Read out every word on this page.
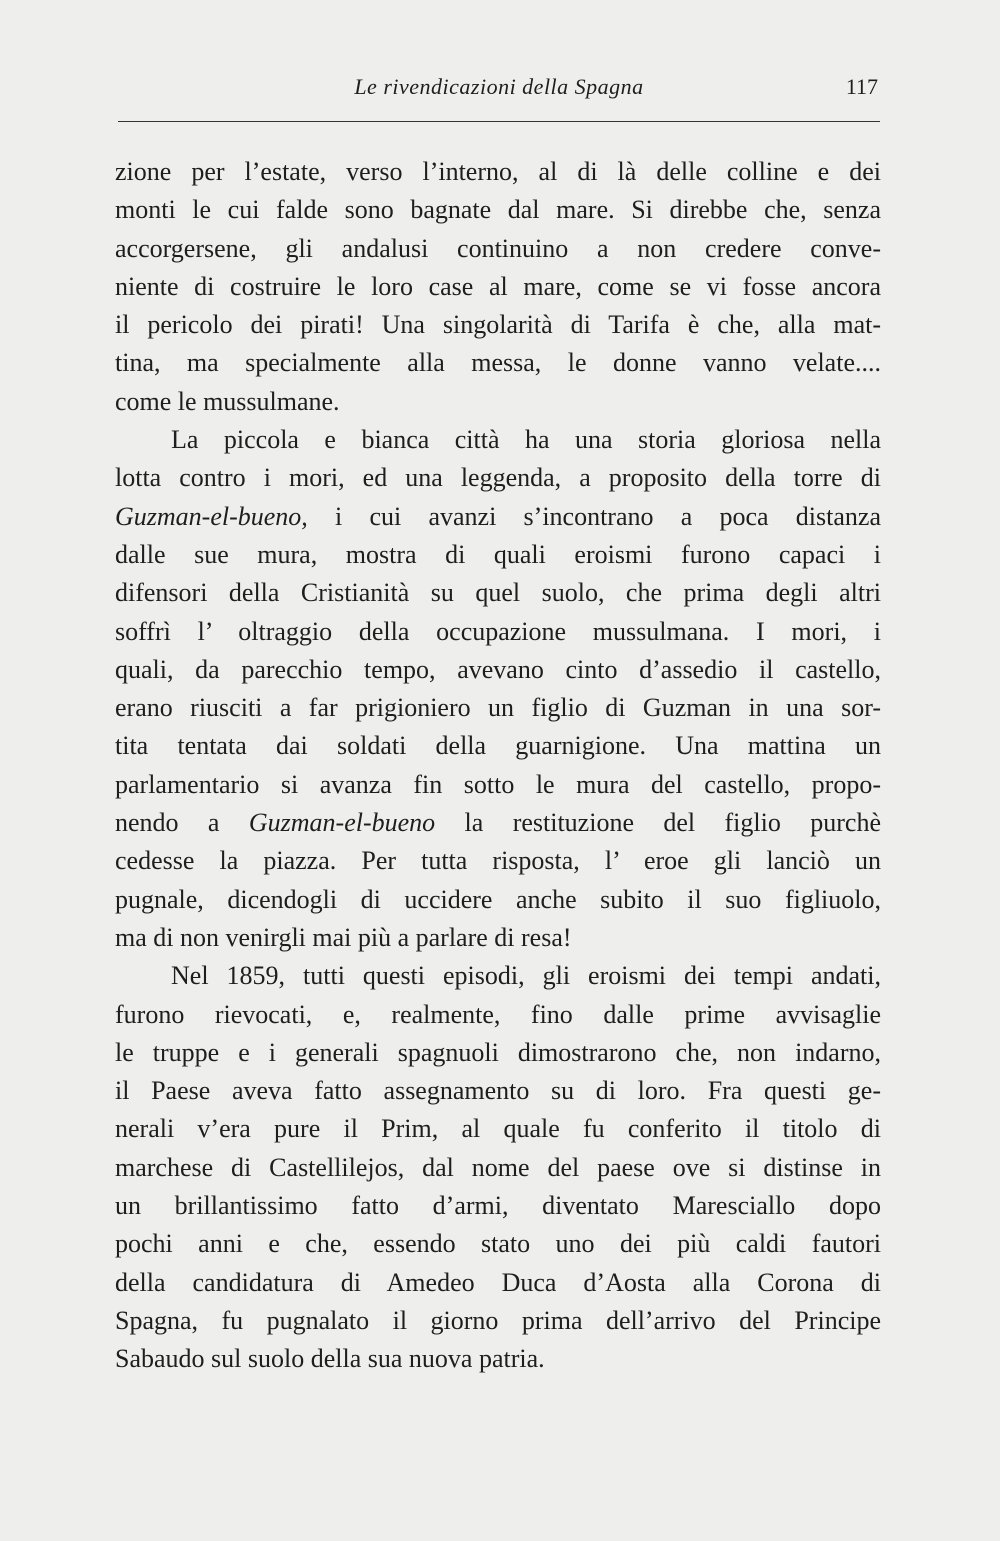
Le rivendicazioni della Spagna	117
zione per l’estate, verso l’interno, al di là delle colline e dei
monti le cui falde sono bagnate dal mare. Si direbbe che, senza
accorgersene, gli andalusi continuino a non credere conve-
niente di costruire le loro case al mare, come se vi fosse ancora
il pericolo dei pirati! Una singolarità di Tarifa è che, alla mat-
tina, ma specialmente alla messa, le donne vanno velate....
come le mussulmane.
La piccola e bianca città ha una storia gloriosa nella
lotta contro i mori, ed una leggenda, a proposito della torre di
Guzman-el-bueno, i cui avanzi s’incontrano a poca distanza
dalle sue mura, mostra di quali eroismi furono capaci i
difensori della Cristianità su quel suolo, che prima degli altri
soffrì l’ oltraggio della occupazione mussulmana. I mori, i
quali, da parecchio tempo, avevano cinto d’assedio il castello,
erano riusciti a far prigioniero un figlio di Guzman in una sor-
tita tentata dai soldati della guarnigione. Una mattina un
parlamentario si avanza fin sotto le mura del castello, propo-
nendo a Guzman-el-bueno la restituzione del figlio purchè
cedesse la piazza. Per tutta risposta, l’ eroe gli lanciò un
pugnale, dicendogli di uccidere anche subito il suo figliuolo,
ma di non venirgli mai più a parlare di resa!
Nel 1859, tutti questi episodi, gli eroismi dei tempi andati,
furono rievocati, e, realmente, fino dalle prime avvisaglie
le truppe e i generali spagnuoli dimostrarono che, non indarno,
il Paese aveva fatto assegnamento su di loro. Fra questi ge-
nerali v’era pure il Prim, al quale fu conferito il titolo di
marchese di Castellilejos, dal nome del paese ove si distinse in
un brillantissimo fatto d’armi, diventato Maresciallo dopo
pochi anni e che, essendo stato uno dei più caldi fautori
della candidatura di Amedeo Duca d’Aosta alla Corona di
Spagna, fu pugnalato il giorno prima dell’arrivo del Principe
Sabaudo sul suolo della sua nuova patria.
